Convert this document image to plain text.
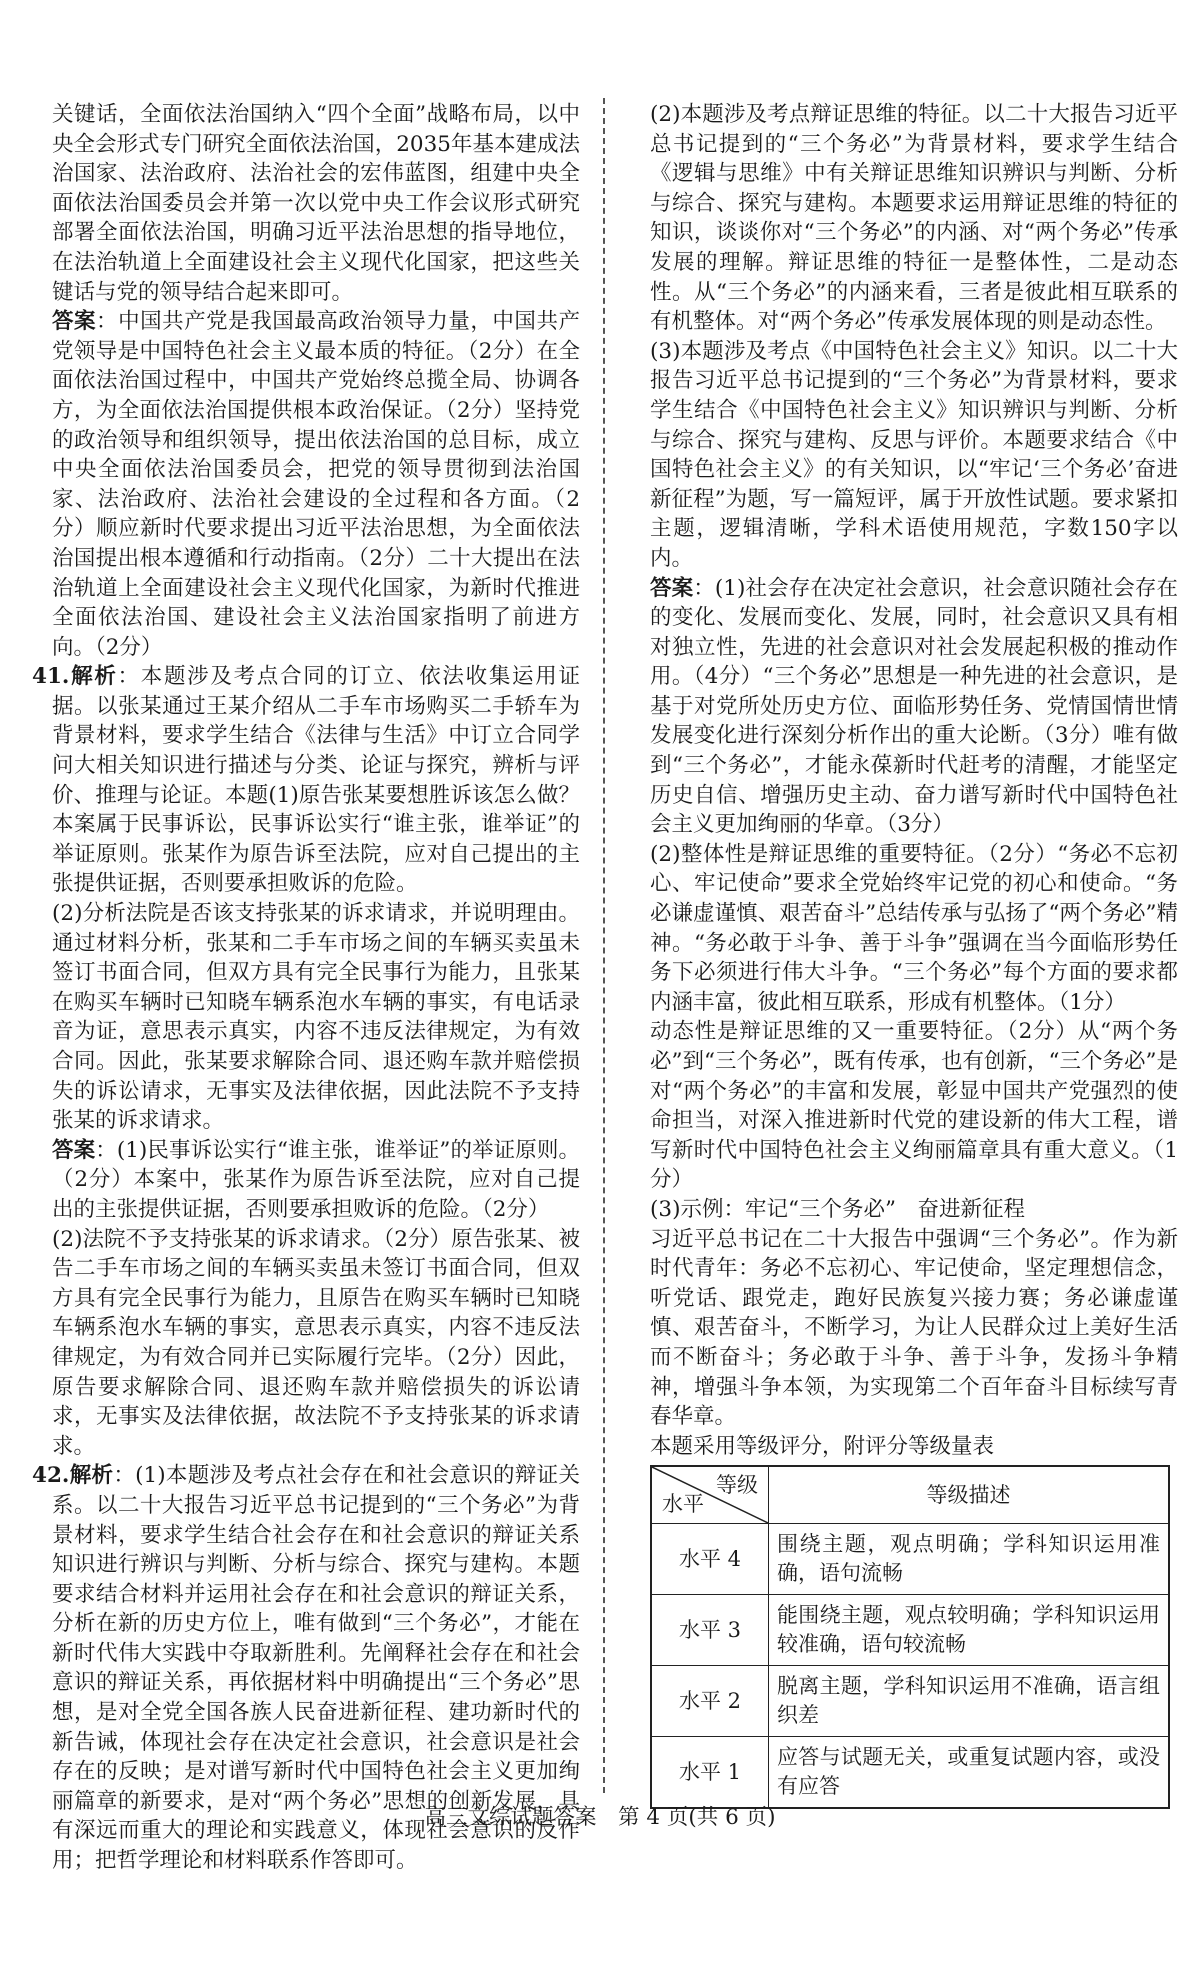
关键话，全面依法治国纳入“四个全面”战略布局，以中央全会形式专门研究全面依法治国，2035年基本建成法治国家、法治政府、法治社会的宏伟蓝图，组建中央全面依法治国委员会并第一次以党中央工作会议形式研究部署全面依法治国，明确习近平法治思想的指导地位，在法治轨道上全面建设社会主义现代化国家，把这些关键话与党的领导结合起来即可。

答案：中国共产党是我国最高政治领导力量，中国共产党领导是中国特色社会主义最本质的特征。（2分）在全面依法治国过程中，中国共产党始终总揽全局、协调各方，为全面依法治国提供根本政治保证。（2分）坚持党的政治领导和组织领导，提出依法治国的总目标，成立中央全面依法治国委员会，把党的领导贯彻到法治国家、法治政府、法治社会建设的全过程和各方面。（2分）顺应新时代要求提出习近平法治思想，为全面依法治国提出根本遵循和行动指南。（2分）二十大提出在法治轨道上全面建设社会主义现代化国家，为新时代推进全面依法治国、建设社会主义法治国家指明了前进方向。（2分）

41.解析：本题涉及考点合同的订立、依法收集运用证据。以张某通过王某介绍从二手车市场购买二手轿车为背景材料，要求学生结合《法律与生活》中订立合同学问大相关知识进行描述与分类、论证与探究，辨析与评价、推理与论证。本题(1)原告张某要想胜诉该怎么做？本案属于民事诉讼，民事诉讼实行“谁主张，谁举证”的举证原则。张某作为原告诉至法院，应对自己提出的主张提供证据，否则要承担败诉的危险。

(2)分析法院是否该支持张某的诉求请求，并说明理由。通过材料分析，张某和二手车市场之间的车辆买卖虽未签订书面合同，但双方具有完全民事行为能力，且张某在购买车辆时已知晓车辆系泡水车辆的事实，有电话录音为证，意思表示真实，内容不违反法律规定，为有效合同。因此，张某要求解除合同、退还购车款并赔偿损失的诉讼请求，无事实及法律依据，因此法院不予支持张某的诉求请求。

答案：(1)民事诉讼实行“谁主张，谁举证”的举证原则。（2分）本案中，张某作为原告诉至法院，应对自己提出的主张提供证据，否则要承担败诉的危险。（2分）

(2)法院不予支持张某的诉求请求。（2分）原告张某、被告二手车市场之间的车辆买卖虽未签订书面合同，但双方具有完全民事行为能力，且原告在购买车辆时已知晓车辆系泡水车辆的事实，意思表示真实，内容不违反法律规定，为有效合同并已实际履行完毕。（2分）因此，原告要求解除合同、退还购车款并赔偿损失的诉讼请求，无事实及法律依据，故法院不予支持张某的诉求请求。

42.解析：(1)本题涉及考点社会存在和社会意识的辩证关系。以二十大报告习近平总书记提到的“三个务必”为背景材料，要求学生结合社会存在和社会意识的辩证关系知识进行辨识与判断、分析与综合、探究与建构。本题要求结合材料并运用社会存在和社会意识的辩证关系，分析在新的历史方位上，唯有做到“三个务必”，才能在新时代伟大实践中夺取新胜利。先阐释社会存在和社会意识的辩证关系，再依据材料中明确提出“三个务必”思想，是对全党全国各族人民奋进新征程、建功新时代的新告诫，体现社会存在决定社会意识，社会意识是社会存在的反映；是对谱写新时代中国特色社会主义更加绚丽篇章的新要求，是对“两个务必”思想的创新发展，具有深远而重大的理论和实践意义，体现社会意识的反作用；把哲学理论和材料联系作答即可。

(2)本题涉及考点辩证思维的特征。以二十大报告习近平总书记提到的“三个务必”为背景材料，要求学生结合《逻辑与思维》中有关辩证思维知识辨识与判断、分析与综合、探究与建构。本题要求运用辩证思维的特征的知识，谈谈你对“三个务必”的内涵、对“两个务必”传承发展的理解。辩证思维的特征一是整体性，二是动态性。从“三个务必”的内涵来看，三者是彼此相互联系的有机整体。对“两个务必”传承发展体现的则是动态性。

(3)本题涉及考点《中国特色社会主义》知识。以二十大报告习近平总书记提到的“三个务必”为背景材料，要求学生结合《中国特色社会主义》知识辨识与判断、分析与综合、探究与建构、反思与评价。本题要求结合《中国特色社会主义》的有关知识，以“牢记‘三个务必’奋进新征程”为题，写一篇短评，属于开放性试题。要求紧扣主题，逻辑清晰，学科术语使用规范，字数150字以内。

答案：(1)社会存在决定社会意识，社会意识随社会存在的变化、发展而变化、发展，同时，社会意识又具有相对独立性，先进的社会意识对社会发展起积极的推动作用。（4分）“三个务必”思想是一种先进的社会意识，是基于对党所处历史方位、面临形势任务、党情国情世情发展变化进行深刻分析作出的重大论断。（3分）唯有做到“三个务必”，才能永葆新时代赶考的清醒，才能坚定历史自信、增强历史主动、奋力谱写新时代中国特色社会主义更加绚丽的华章。（3分）

(2)整体性是辩证思维的重要特征。（2分）“务必不忘初心、牢记使命”要求全党始终牢记党的初心和使命。“务必谦虚谨慎、艰苦奋斗”总结传承与弘扬了“两个务必”精神。“务必敢于斗争、善于斗争”强调在当今面临形势任务下必须进行伟大斗争。“三个务必”每个方面的要求都内涵丰富，彼此相互联系，形成有机整体。（1分）

动态性是辩证思维的又一重要特征。（2分）从“两个务必”到“三个务必”，既有传承，也有创新，“三个务必”是对“两个务必”的丰富和发展，彰显中国共产党强烈的使命担当，对深入推进新时代党的建设新的伟大工程，谱写新时代中国特色社会主义绚丽篇章具有重大意义。（1分）

(3)示例：牢记“三个务必”　奋进新征程

习近平总书记在二十大报告中强调“三个务必”。作为新时代青年：务必不忘初心、牢记使命，坚定理想信念，听党话、跟党走，跑好民族复兴接力赛；务必谦虚谨慎、艰苦奋斗，不断学习，为让人民群众过上美好生活而不断奋斗；务必敢于斗争、善于斗争，发扬斗争精神，增强斗争本领，为实现第二个百年奋斗目标续写青春华章。

本题采用等级评分，附评分等级量表

等级
水平	等级描述
水平 4	围绕主题，观点明确；学科知识运用准确，语句流畅
水平 3	能围绕主题，观点较明确；学科知识运用较准确，语句较流畅
水平 2	脱离主题，学科知识运用不准确，语言组织差
水平 1	应答与试题无关，或重复试题内容，或没有应答
高三文综试题答案　第 4 页(共 6 页)
